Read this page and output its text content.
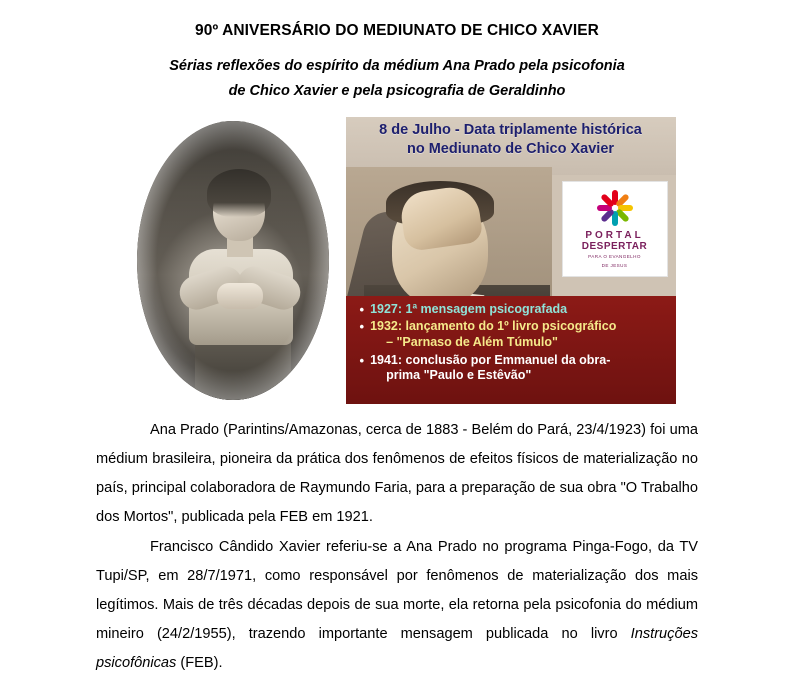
90º ANIVERSÁRIO DO MEDIUNATO DE CHICO XAVIER
Sérias reflexões do espírito da médium Ana Prado pela psicofonia
de Chico Xavier e pela psicografia de Geraldinho
8 de Julho - Data triplamente histórica
no Mediunato de Chico Xavier
PORTAL
DESPERTAR
PARA O EVANGELHO
DE JESUS
• 1927: 1ª mensagem psicografada
• 1932: lançamento do 1º livro psicográfico
– "Parnaso de Além Túmulo"
• 1941: conclusão por Emmanuel da obra-
prima "Paulo e Estêvão"

Ana Prado (Parintins/Amazonas, cerca de 1883 - Belém do Pará, 23/4/1923) foi uma médium brasileira, pioneira da prática dos fenômenos de efeitos físicos de materialização no país, principal colaboradora de Raymundo Faria, para a preparação de sua obra "O Trabalho dos Mortos", publicada pela FEB em 1921.

Francisco Cândido Xavier referiu-se a Ana Prado no programa Pinga-Fogo, da TV Tupi/SP, em 28/7/1971, como responsável por fenômenos de materialização dos mais legítimos. Mais de três décadas depois de sua morte, ela retorna pela psicofonia do médium mineiro (24/2/1955), trazendo importante mensagem publicada no livro Instruções psicofônicas (FEB).
